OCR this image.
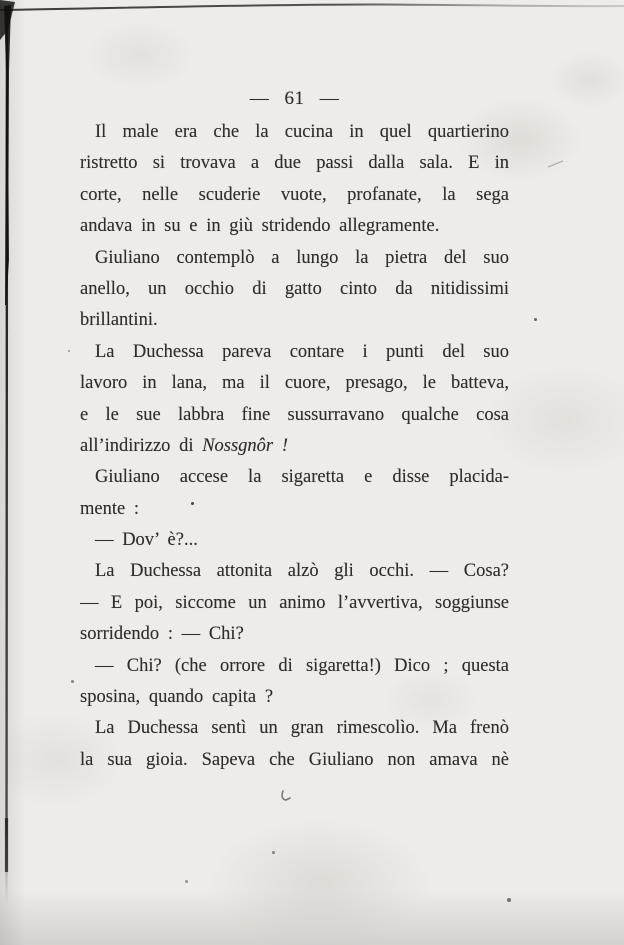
— 61 —
Il male era che la cucina in quel quartierino
ristretto si trovava a due passi dalla sala. E in
corte, nelle scuderie vuote, profanate, la sega
andava in su e in giù stridendo allegramente.
Giuliano contemplò a lungo la pietra del suo
anello, un occhio di gatto cinto da nitidissimi
brillantini.
La Duchessa pareva contare i punti del suo
lavoro in lana, ma il cuore, presago, le batteva,
e le sue labbra fine sussurravano qualche cosa
all’indirizzo di Nossgnôr !
Giuliano accese la sigaretta e disse placida-
mente :
— Dov’ è?...
La Duchessa attonita alzò gli occhi. — Cosa?
— E poi, siccome un animo l’avvertiva, soggiunse
sorridendo : — Chi?
— Chi? (che orrore di sigaretta!) Dico ; questa
sposina, quando capita ?
La Duchessa sentì un gran rimescolìo. Ma frenò
la sua gioia. Sapeva che Giuliano non amava nè
